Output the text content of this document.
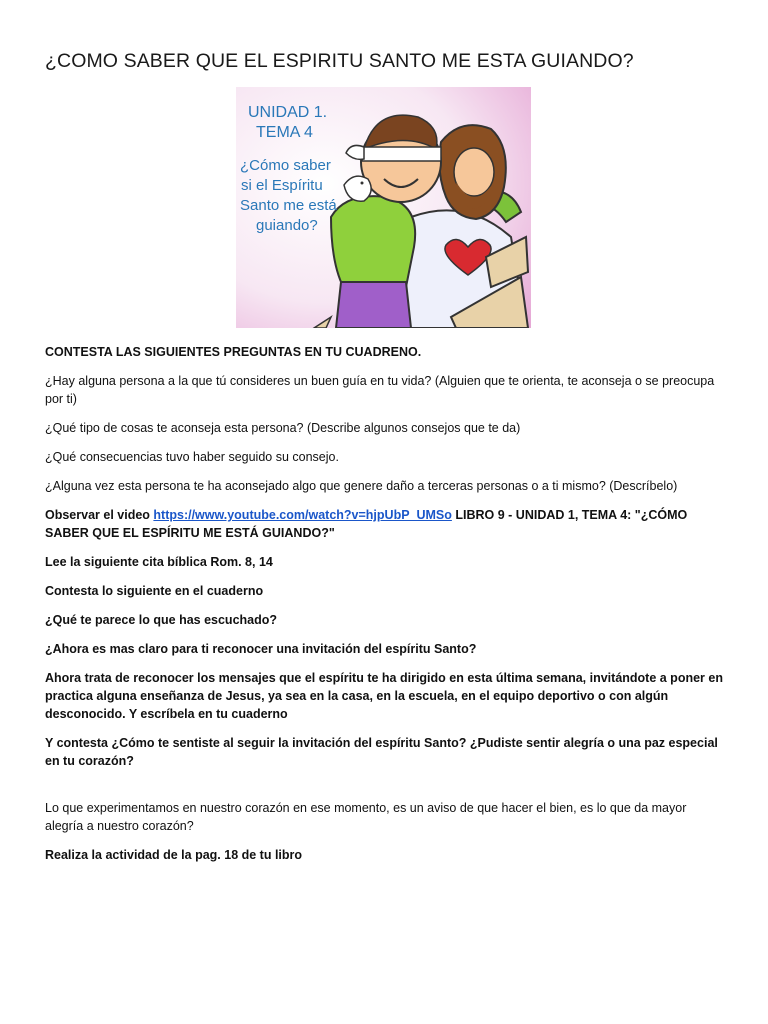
¿COMO SABER QUE EL ESPIRITU SANTO ME ESTA GUIANDO?
UNIDAD 1.
TEMA 4
¿Cómo saber
si el Espíritu
Santo me está
guiando?

CONTESTA LAS SIGUIENTES PREGUNTAS EN TU CUADRENO.

¿Hay alguna persona a la que tú consideres un buen guía en tu vida? (Alguien que te orienta, te aconseja o se preocupa por ti)

¿Qué tipo de cosas te aconseja esta persona? (Describe algunos consejos que te da)

¿Qué consecuencias tuvo haber seguido su consejo.

¿Alguna vez esta persona te ha aconsejado algo que genere daño a terceras personas o a ti mismo? (Descríbelo)

Observar el video https://www.youtube.com/watch?v=hjpUbP_UMSo LIBRO 9 - UNIDAD 1, TEMA 4: "¿CÓMO SABER QUE EL ESPÍRITU ME ESTÁ GUIANDO?"

Lee la siguiente cita bíblica Rom. 8, 14

Contesta lo siguiente en el cuaderno

¿Qué te parece lo que has escuchado?

¿Ahora es mas claro para ti reconocer una invitación del espíritu Santo?

Ahora trata de reconocer los mensajes que el espíritu te ha dirigido en esta última semana, invitándote a poner en practica alguna enseñanza de Jesus, ya sea en la casa, en la escuela, en el equipo deportivo o con algún desconocido. Y escríbela en tu cuaderno

Y contesta ¿Cómo te sentiste al seguir la invitación del espíritu Santo? ¿Pudiste sentir alegría o una paz especial en tu corazón?

Lo que experimentamos en nuestro corazón en ese momento, es un aviso de que hacer el bien, es lo que da mayor alegría a nuestro corazón?

Realiza la actividad de la pag. 18 de tu libro
